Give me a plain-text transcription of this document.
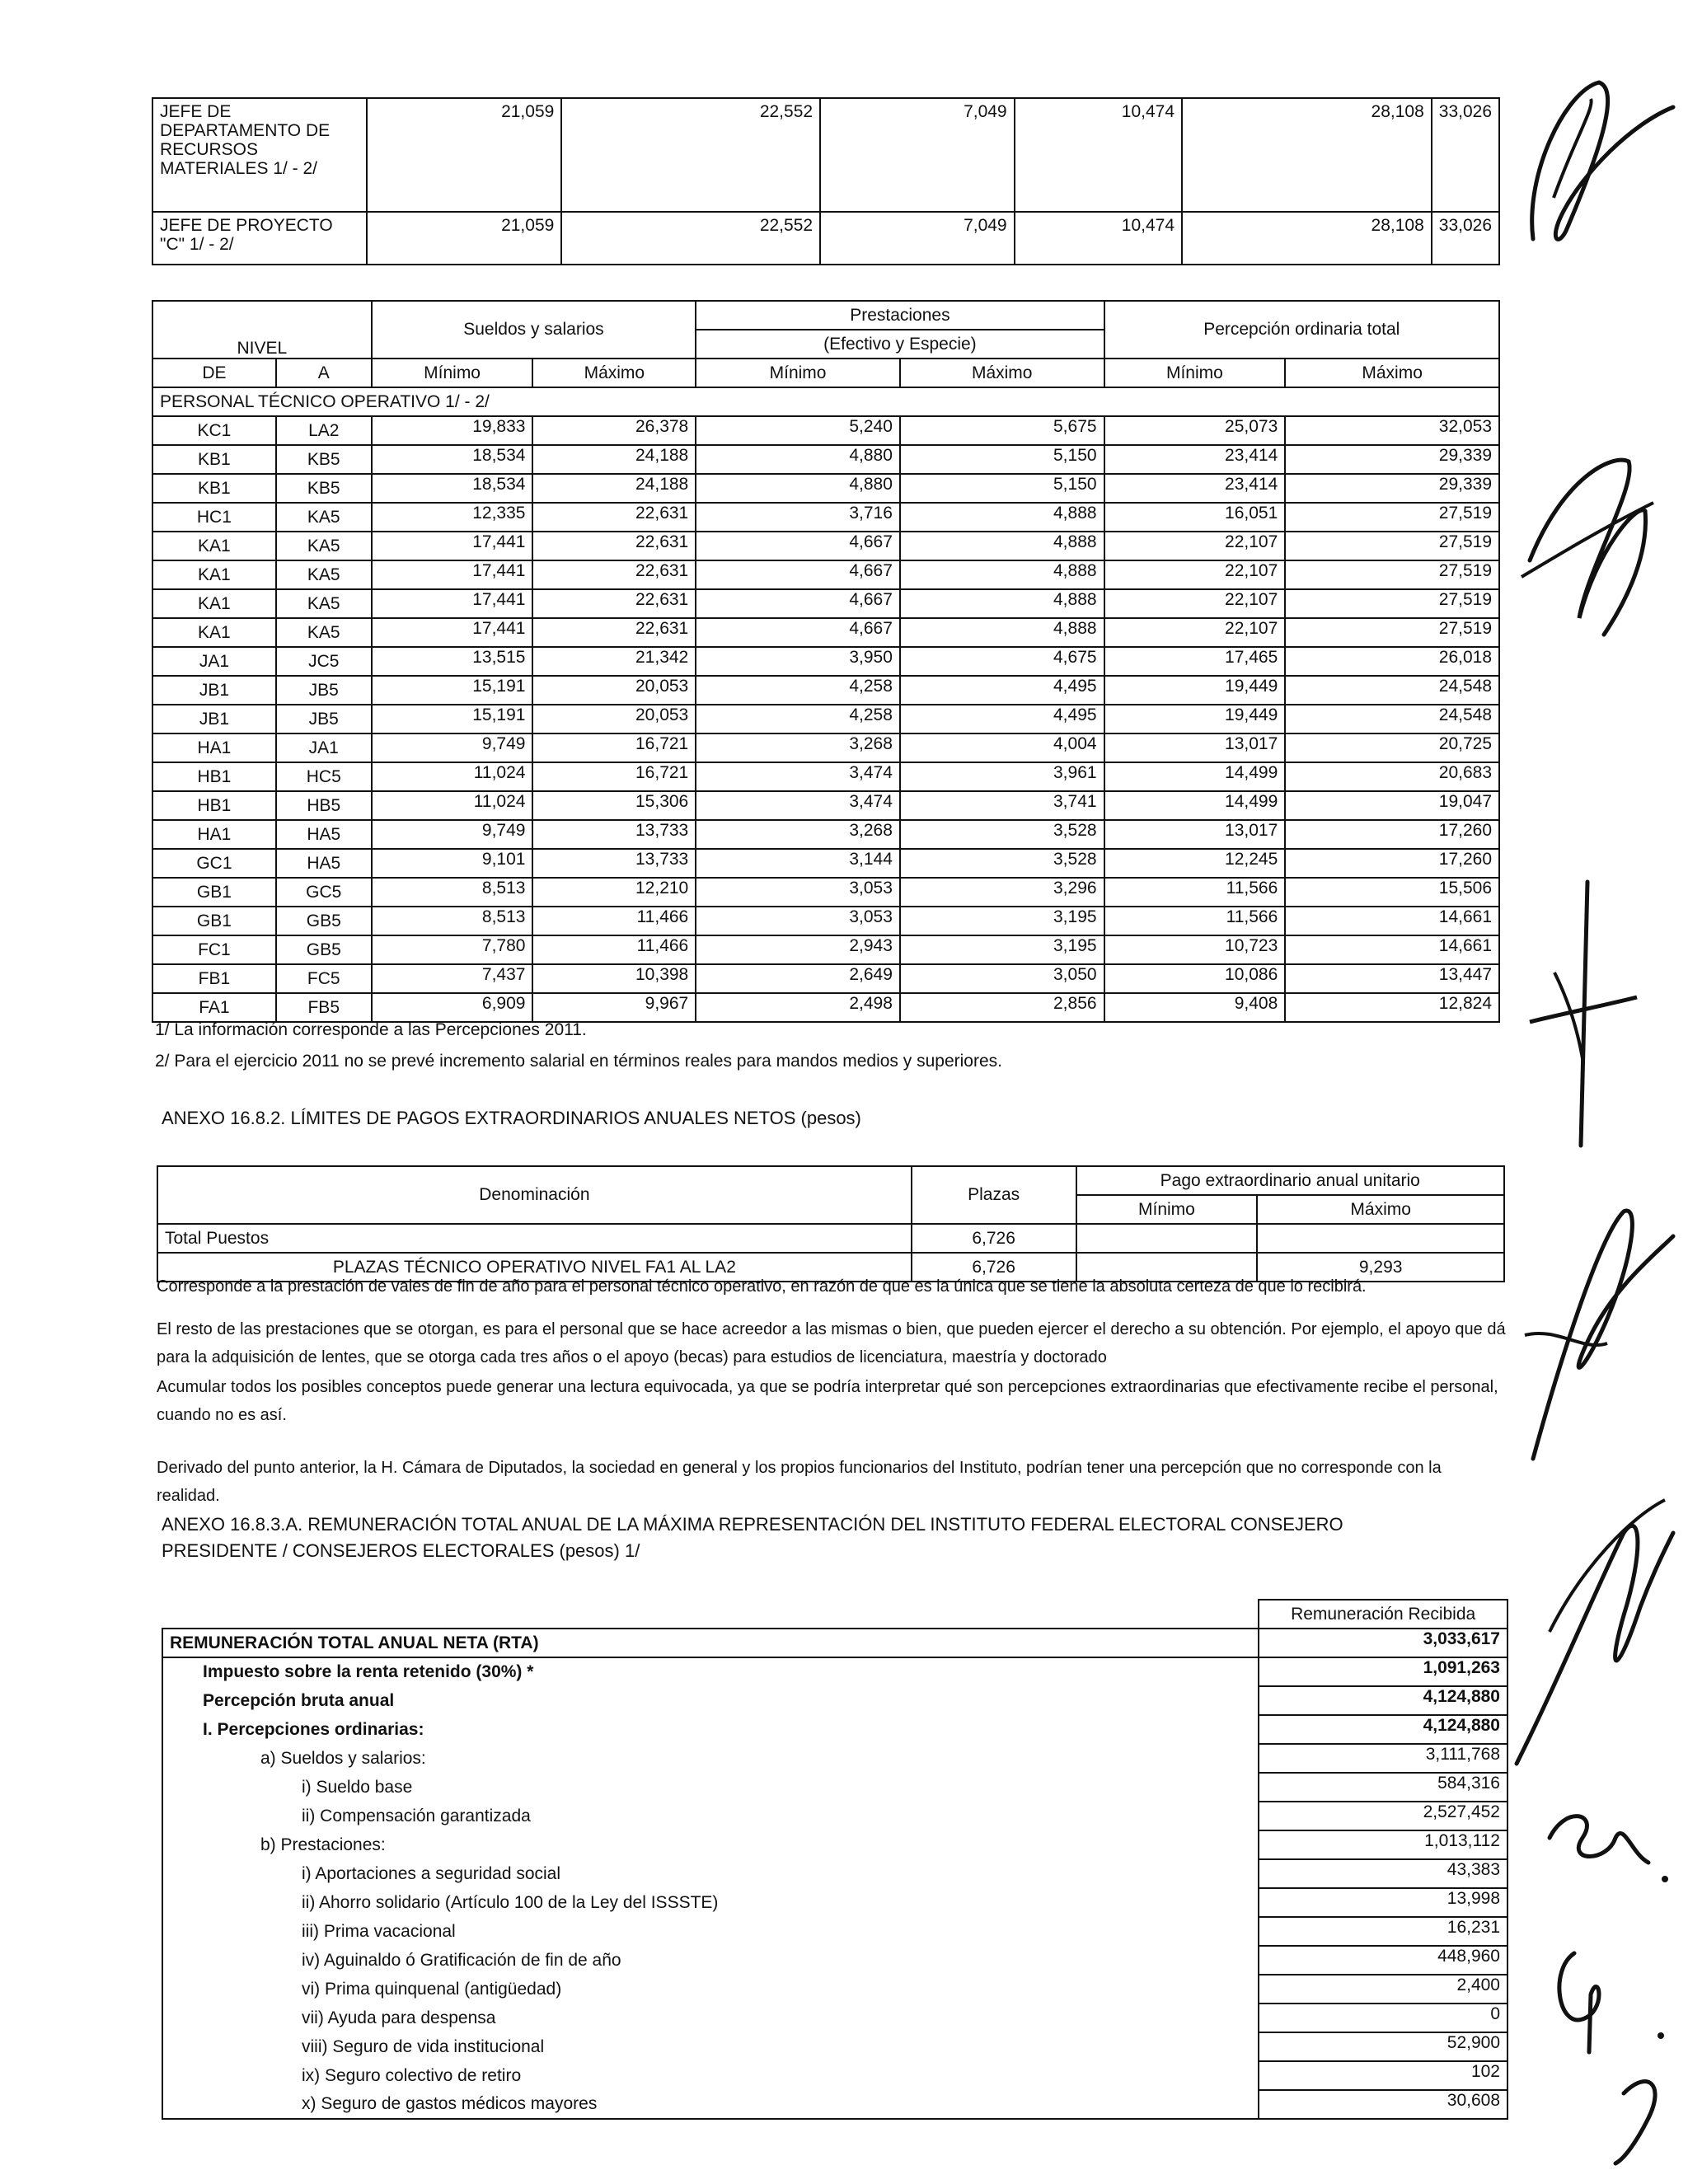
JEFE DE DEPARTAMENTO DE RECURSOS MATERIALES 1/ - 2/	21,059	22,552	7,049	10,474	28,108	33,026
JEFE DE PROYECTO "C" 1/ - 2/	21,059	22,552	7,049	10,474	28,108	33,026
NIVEL		Sueldos y salarios		Prestaciones		Percepción ordinaria total	
				(Efectivo y Especie)			
DE	A	Mínimo	Máximo	Mínimo	Máximo	Mínimo	Máximo
PERSONAL TÉCNICO OPERATIVO 1/ - 2/							
KC1	LA2	19,833	26,378	5,240	5,675	25,073	32,053
KB1	KB5	18,534	24,188	4,880	5,150	23,414	29,339
KB1	KB5	18,534	24,188	4,880	5,150	23,414	29,339
HC1	KA5	12,335	22,631	3,716	4,888	16,051	27,519
KA1	KA5	17,441	22,631	4,667	4,888	22,107	27,519
KA1	KA5	17,441	22,631	4,667	4,888	22,107	27,519
KA1	KA5	17,441	22,631	4,667	4,888	22,107	27,519
KA1	KA5	17,441	22,631	4,667	4,888	22,107	27,519
JA1	JC5	13,515	21,342	3,950	4,675	17,465	26,018
JB1	JB5	15,191	20,053	4,258	4,495	19,449	24,548
JB1	JB5	15,191	20,053	4,258	4,495	19,449	24,548
HA1	JA1	9,749	16,721	3,268	4,004	13,017	20,725
HB1	HC5	11,024	16,721	3,474	3,961	14,499	20,683
HB1	HB5	11,024	15,306	3,474	3,741	14,499	19,047
HA1	HA5	9,749	13,733	3,268	3,528	13,017	17,260
GC1	HA5	9,101	13,733	3,144	3,528	12,245	17,260
GB1	GC5	8,513	12,210	3,053	3,296	11,566	15,506
GB1	GB5	8,513	11,466	3,053	3,195	11,566	14,661
FC1	GB5	7,780	11,466	2,943	3,195	10,723	14,661
FB1	FC5	7,437	10,398	2,649	3,050	10,086	13,447
FA1	FB5	6,909	9,967	2,498	2,856	9,408	12,824
1/ La información corresponde a las Percepciones 2011.
2/ Para el ejercicio 2011 no se prevé incremento salarial en términos reales para mandos medios y superiores.
ANEXO 16.8.2. LÍMITES DE PAGOS EXTRAORDINARIOS ANUALES NETOS (pesos)
Denominación	Plazas	Pago extraordinario anual unitario	
		Mínimo	Máximo
Total Puestos	6,726		
PLAZAS TÉCNICO OPERATIVO NIVEL FA1 AL LA2	6,726		9,293
Corresponde a la prestación de vales de fin de año para el personal técnico operativo, en razón de que es la única que se tiene la absoluta certeza de que lo recibirá.
El resto de las prestaciones que se otorgan, es para el personal que se hace acreedor a las mismas o bien, que pueden ejercer el derecho a su obtención. Por ejemplo, el apoyo que dá para la adquisición de lentes, que se otorga cada tres años o el apoyo (becas) para estudios de licenciatura, maestría y doctorado
Acumular todos los posibles conceptos puede generar una lectura equivocada, ya que se podría interpretar qué son percepciones extraordinarias que efectivamente recibe el personal, cuando no es así.
Derivado del punto anterior, la H. Cámara de Diputados, la sociedad en general y los propios funcionarios del Instituto, podrían tener una percepción que no corresponde con la realidad.
ANEXO 16.8.3.A. REMUNERACIÓN TOTAL ANUAL DE LA MÁXIMA REPRESENTACIÓN DEL INSTITUTO FEDERAL ELECTORAL CONSEJERO PRESIDENTE / CONSEJEROS ELECTORALES (pesos) 1/
	Remuneración Recibida
REMUNERACIÓN TOTAL ANUAL NETA (RTA)	3,033,617
Impuesto sobre la renta retenido (30%) *	1,091,263
Percepción bruta anual	4,124,880
I. Percepciones ordinarias:	4,124,880
a) Sueldos y salarios:	3,111,768
i) Sueldo base	584,316
ii) Compensación garantizada	2,527,452
b) Prestaciones:	1,013,112
i) Aportaciones a seguridad social	43,383
ii) Ahorro solidario (Artículo 100 de la Ley del ISSSTE)	13,998
iii) Prima vacacional	16,231
iv) Aguinaldo ó Gratificación de fin de año	448,960
vi) Prima quinquenal (antigüedad)	2,400
vii) Ayuda para despensa	0
viii) Seguro de vida institucional	52,900
ix) Seguro colectivo de retiro	102
x) Seguro de gastos médicos mayores	30,608
